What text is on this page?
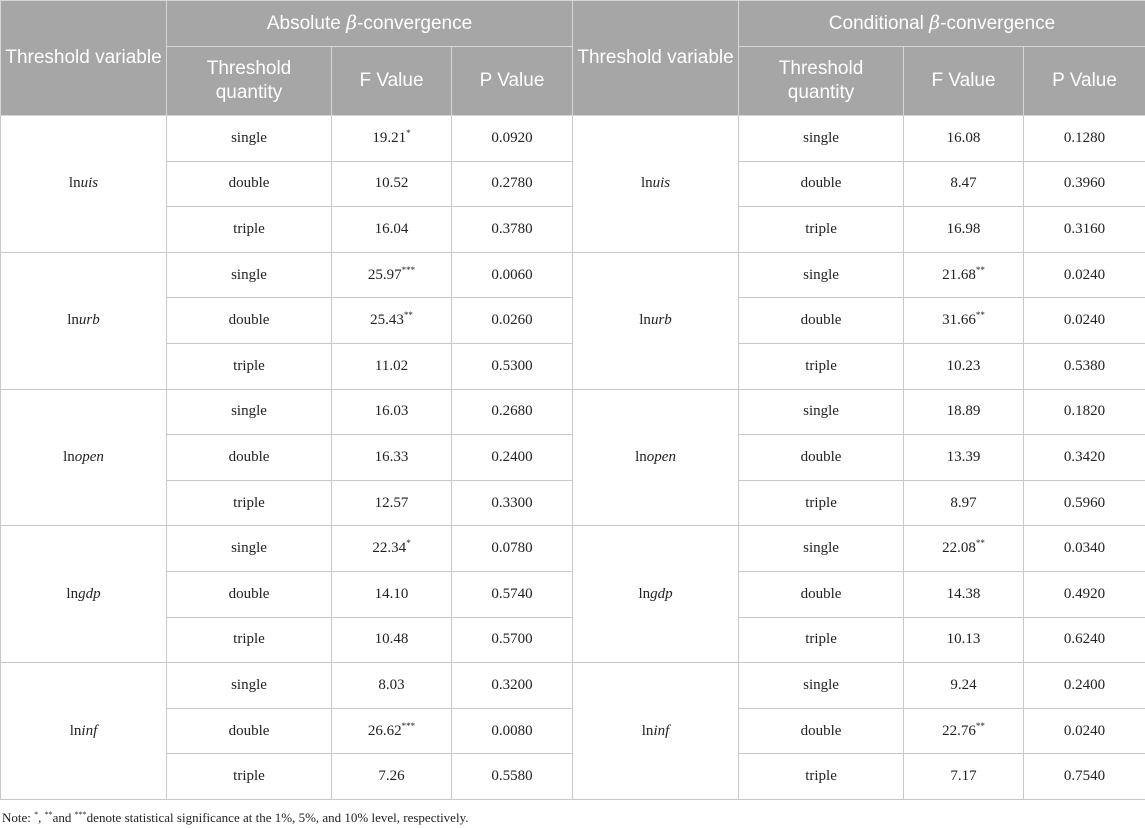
Threshold variable	Absolute β-convergence			Threshold variable	Conditional β-convergence		
	Threshold quantity	F Value	P Value		Threshold quantity	F Value	P Value
lnuis	single	19.21*	0.0920	lnuis	single	16.08	0.1280
	double	10.52	0.2780		double	8.47	0.3960
	triple	16.04	0.3780		triple	16.98	0.3160
lnurb	single	25.97***	0.0060	lnurb	single	21.68**	0.0240
	double	25.43**	0.0260		double	31.66**	0.0240
	triple	11.02	0.5300		triple	10.23	0.5380
lnopen	single	16.03	0.2680	lnopen	single	18.89	0.1820
	double	16.33	0.2400		double	13.39	0.3420
	triple	12.57	0.3300		triple	8.97	0.5960
lngdp	single	22.34*	0.0780	lngdp	single	22.08**	0.0340
	double	14.10	0.5740		double	14.38	0.4920
	triple	10.48	0.5700		triple	10.13	0.6240
lninf	single	8.03	0.3200	lninf	single	9.24	0.2400
	double	26.62***	0.0080		double	22.76**	0.0240
	triple	7.26	0.5580		triple	7.17	0.7540
Note: *, **and ***denote statistical significance at the 1%, 5%, and 10% level, respectively.
